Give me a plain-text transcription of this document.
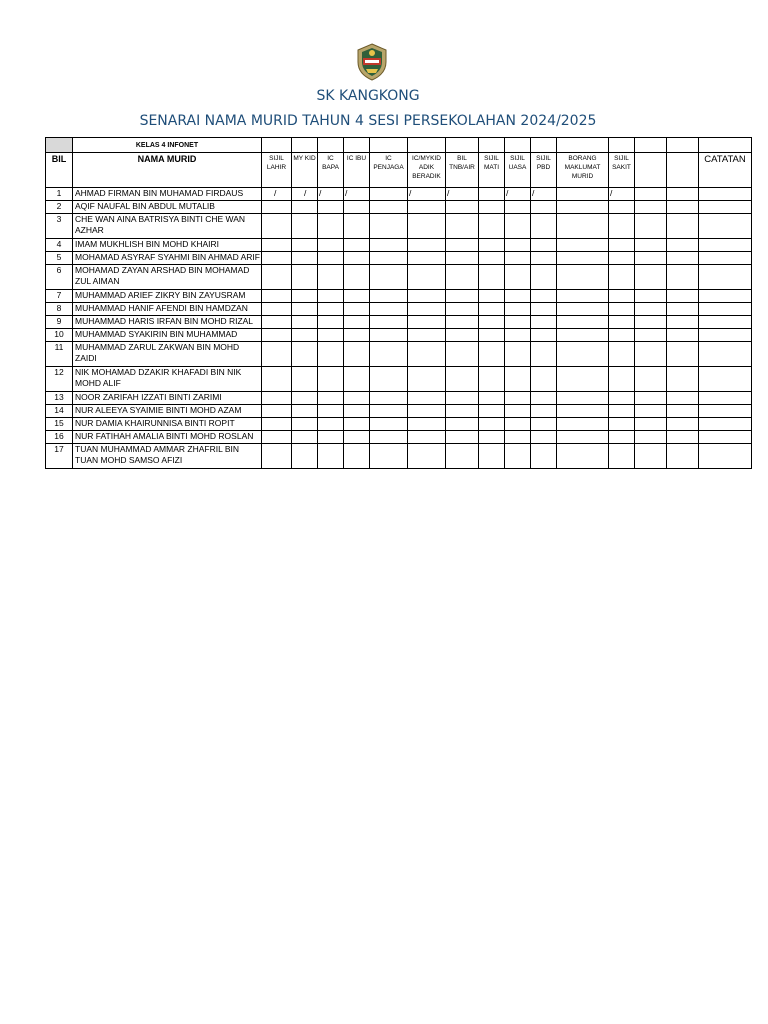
SK KANGKONG
SENARAI NAMA MURID TAHUN 4 SESI PERSEKOLAHAN 2024/2025
	KELAS 4 INFONET															
BIL	NAMA MURID	SIJIL LAHIR	MY KID	IC BAPA	IC IBU	IC PENJAGA	IC/MYKID ADIK BERADIK	BIL TNB/AIR	SIJIL MATI	SIJIL UASA	SIJIL PBD	BORANG MAKLUMAT MURID	SIJIL SAKIT			CATATAN
1	AHMAD FIRMAN BIN MUHAMAD FIRDAUS	/	/	/	/		/	/		/	/		/			
2	AQIF NAUFAL BIN ABDUL MUTALIB															
3	CHE WAN AINA BATRISYA BINTI CHE WAN AZHAR															
4	IMAM MUKHLISH BIN MOHD KHAIRI															
5	MOHAMAD ASYRAF SYAHMI BIN AHMAD ARIF															
6	MOHAMAD ZAYAN ARSHAD BIN MOHAMAD ZUL AIMAN															
7	MUHAMMAD ARIEF ZIKRY BIN ZAYUSRAM															
8	MUHAMMAD HANIF AFENDI BIN HAMDZAN															
9	MUHAMMAD HARIS IRFAN BIN MOHD RIZAL															
10	MUHAMMAD SYAKIRIN BIN MUHAMMAD															
11	MUHAMMAD ZARUL ZAKWAN BIN MOHD ZAIDI															
12	NIK MOHAMAD DZAKIR KHAFADI BIN NIK MOHD ALIF															
13	NOOR ZARIFAH IZZATI BINTI ZARIMI															
14	NUR ALEEYA SYAIMIE BINTI MOHD AZAM															
15	NUR DAMIA KHAIRUNNISA BINTI ROPIT															
16	NUR FATIHAH AMALIA BINTI MOHD ROSLAN															
17	TUAN MUHAMMAD AMMAR ZHAFRIL BIN TUAN MOHD SAMSO AFIZI															
